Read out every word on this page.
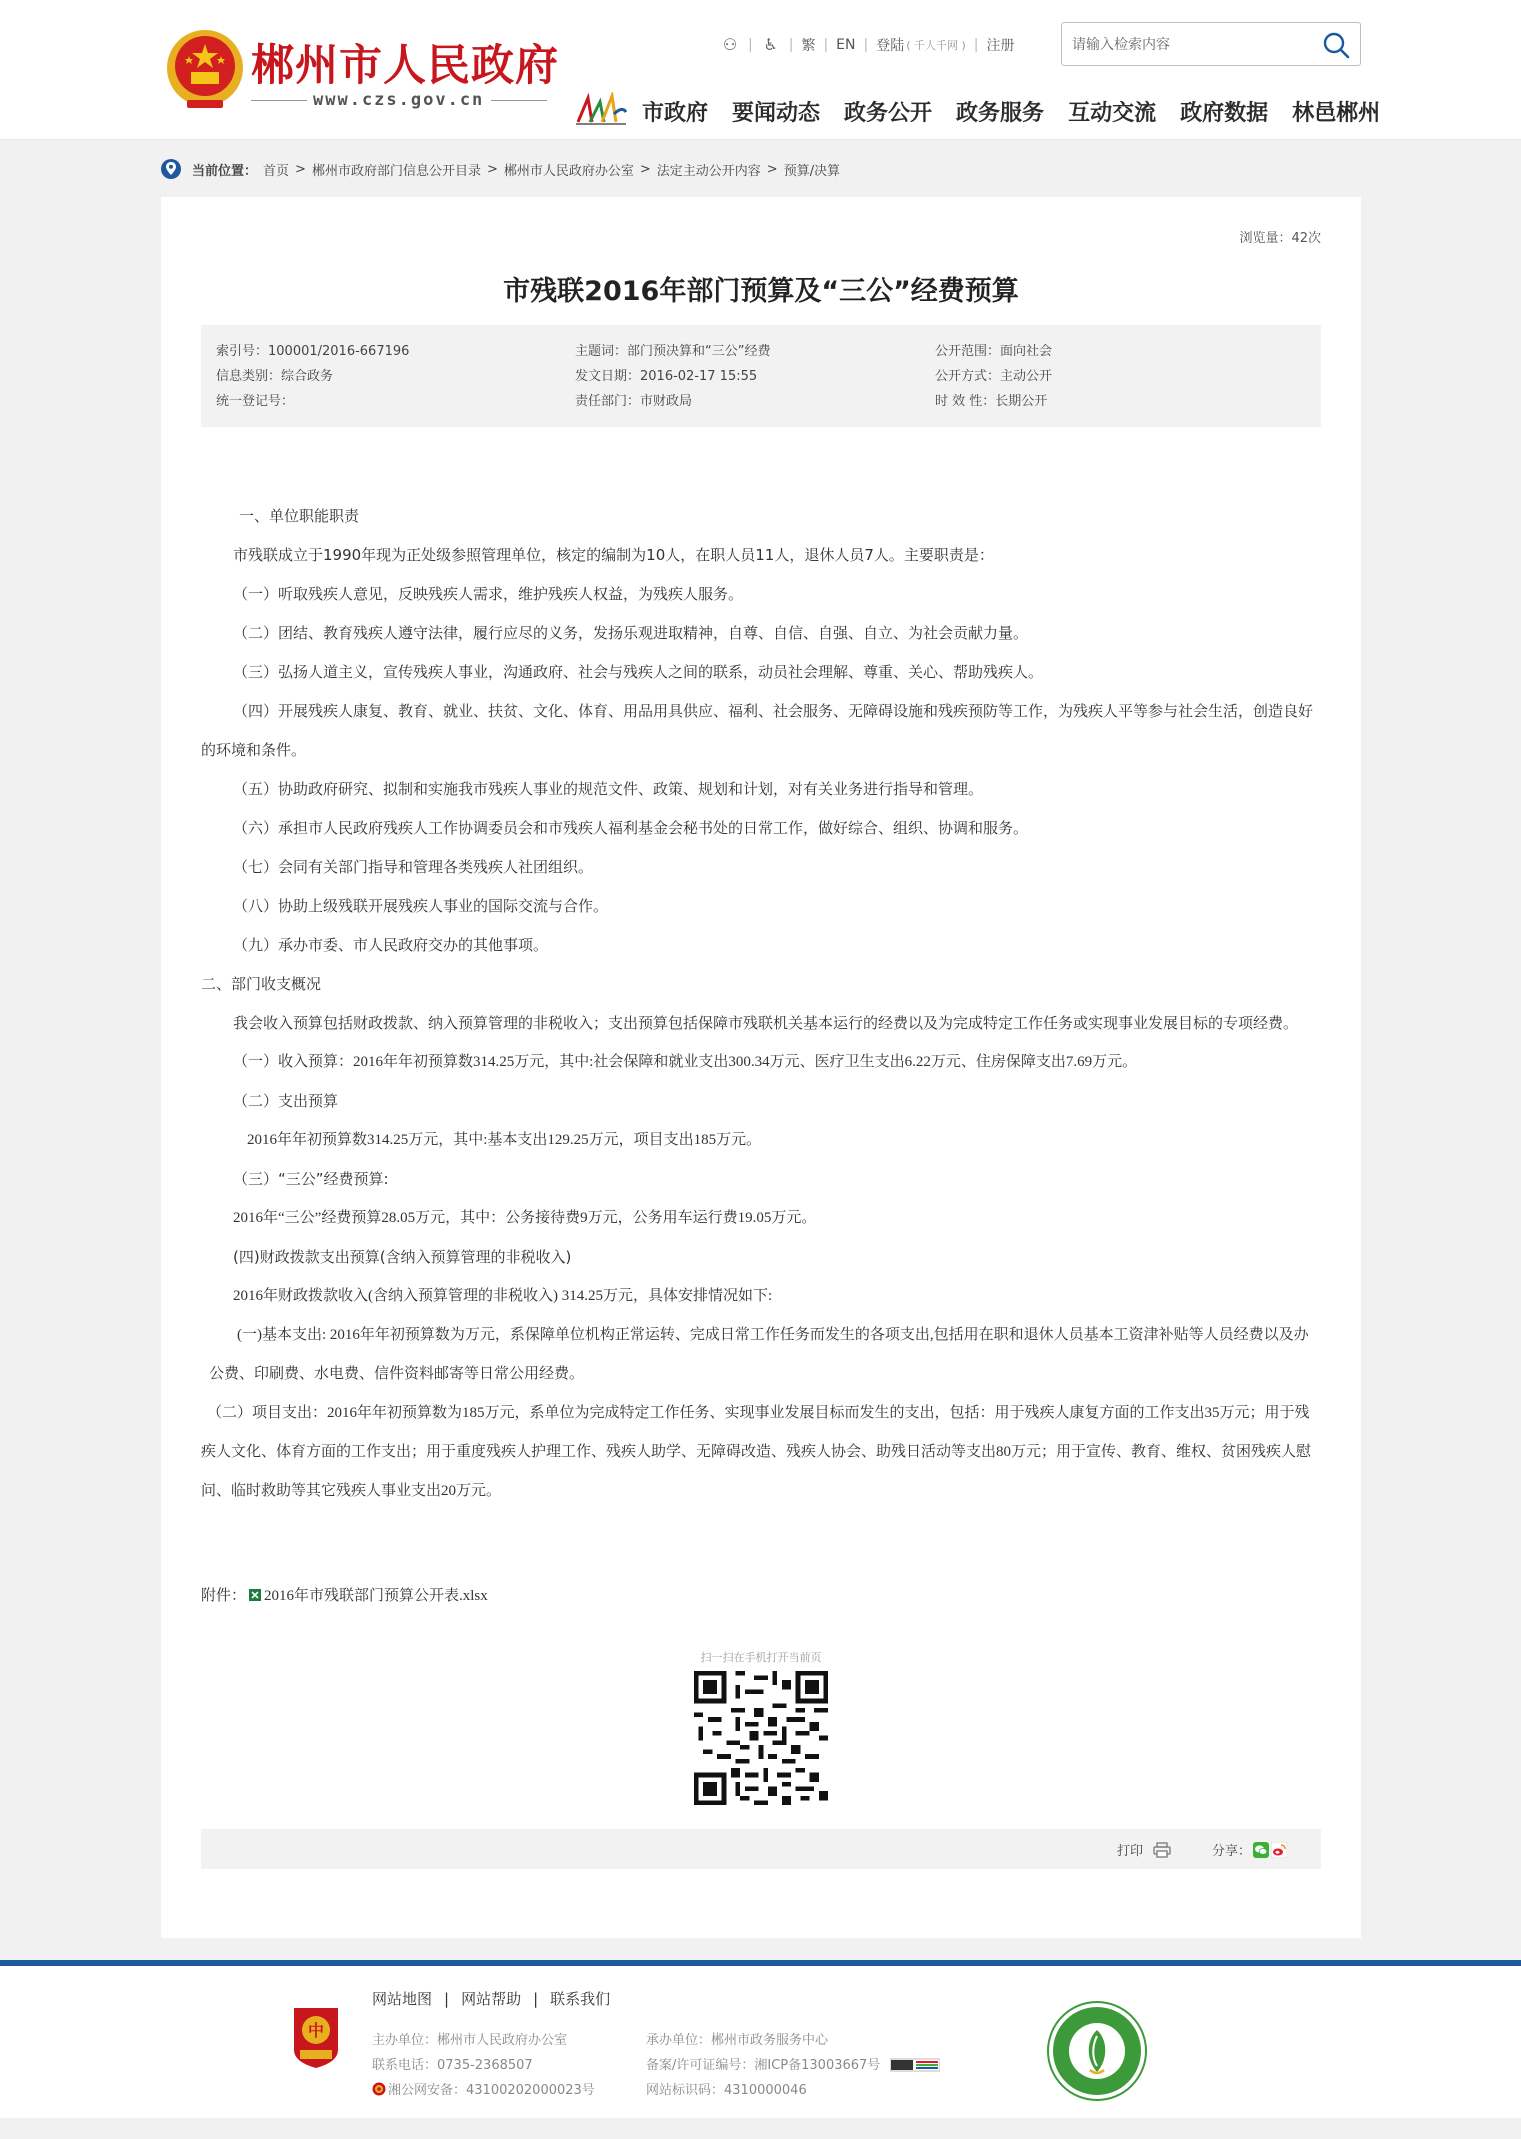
郴州市人民政府
www.czs.gov.cn
⚇ | ♿ | 繁 | EN | 登陆 ( 千人千网 ) | 注册
请输入检索内容
市政府 要闻动态 政务公开 政务服务 互动交流 政府数据 林邑郴州
当前位置： 首页 > 郴州市政府部门信息公开目录 > 郴州市人民政府办公室 > 法定主动公开内容 > 预算/决算
浏览量：42次
市残联2016年部门预算及“三公”经费预算
索引号：100001/2016-667196
信息类别：综合政务
统一登记号：
主题词：部门预决算和“三公”经费
发文日期：2016-02-17 15:55
责任部门：市财政局
公开范围：面向社会
公开方式：主动公开
时 效 性：长期公开

一、单位职能职责

市残联成立于1990年现为正处级参照管理单位，核定的编制为10人，在职人员11人，退休人员7人。主要职责是：

（一）听取残疾人意见，反映残疾人需求，维护残疾人权益，为残疾人服务。

（二）团结、教育残疾人遵守法律，履行应尽的义务，发扬乐观进取精神，自尊、自信、自强、自立、为社会贡献力量。

（三）弘扬人道主义，宣传残疾人事业，沟通政府、社会与残疾人之间的联系，动员社会理解、尊重、关心、帮助残疾人。

（四）开展残疾人康复、教育、就业、扶贫、文化、体育、用品用具供应、福利、社会服务、无障碍设施和残疾预防等工作，为残疾人平等参与社会生活，创造良好的环境和条件。

（五）协助政府研究、拟制和实施我市残疾人事业的规范文件、政策、规划和计划，对有关业务进行指导和管理。

（六）承担市人民政府残疾人工作协调委员会和市残疾人福利基金会秘书处的日常工作，做好综合、组织、协调和服务。

（七）会同有关部门指导和管理各类残疾人社团组织。

（八）协助上级残联开展残疾人事业的国际交流与合作。

（九）承办市委、市人民政府交办的其他事项。

二、部门收支概况

我会收入预算包括财政拨款、纳入预算管理的非税收入；支出预算包括保障市残联机关基本运行的经费以及为完成特定工作任务或实现事业发展目标的专项经费。

（一）收入预算：2016年年初预算数314.25万元，其中:社会保障和就业支出300.34万元、医疗卫生支出6.22万元、住房保障支出7.69万元。

（二）支出预算

2016年年初预算数314.25万元，其中:基本支出129.25万元，项目支出185万元。

（三）“三公”经费预算:

2016年“三公”经费预算28.05万元，其中：公务接待费9万元，公务用车运行费19.05万元。

(四)财政拨款支出预算(含纳入预算管理的非税收入)

2016年财政拨款收入(含纳入预算管理的非税收入) 314.25万元，具体安排情况如下:

(一)基本支出: 2016年年初预算数为万元，系保障单位机构正常运转、完成日常工作任务而发生的各项支出,包括用在职和退休人员基本工资津补贴等人员经费以及办公费、印刷费、水电费、信件资料邮寄等日常公用经费。

（二）项目支出：2016年年初预算数为185万元，系单位为完成特定工作任务、实现事业发展目标而发生的支出，包括：用于残疾人康复方面的工作支出35万元；用于残疾人文化、体育方面的工作支出；用于重度残疾人护理工作、残疾人助学、无障碍改造、残疾人协会、助残日活动等支出80万元；用于宣传、教育、维权、贫困残疾人慰问、临时救助等其它残疾人事业支出20万元。

附件： 2016年市残联部门预算公开表.xlsx
扫一扫在手机打开当前页
打印	分享：
中
网站地图 | 网站帮助 | 联系我们
主办单位：郴州市人民政府办公室
联系电话：0735-2368507
湘公网安备：43100202000023号
承办单位：郴州市政务服务中心
备案/许可证编号：湘ICP备13003667号
网站标识码：4310000046
